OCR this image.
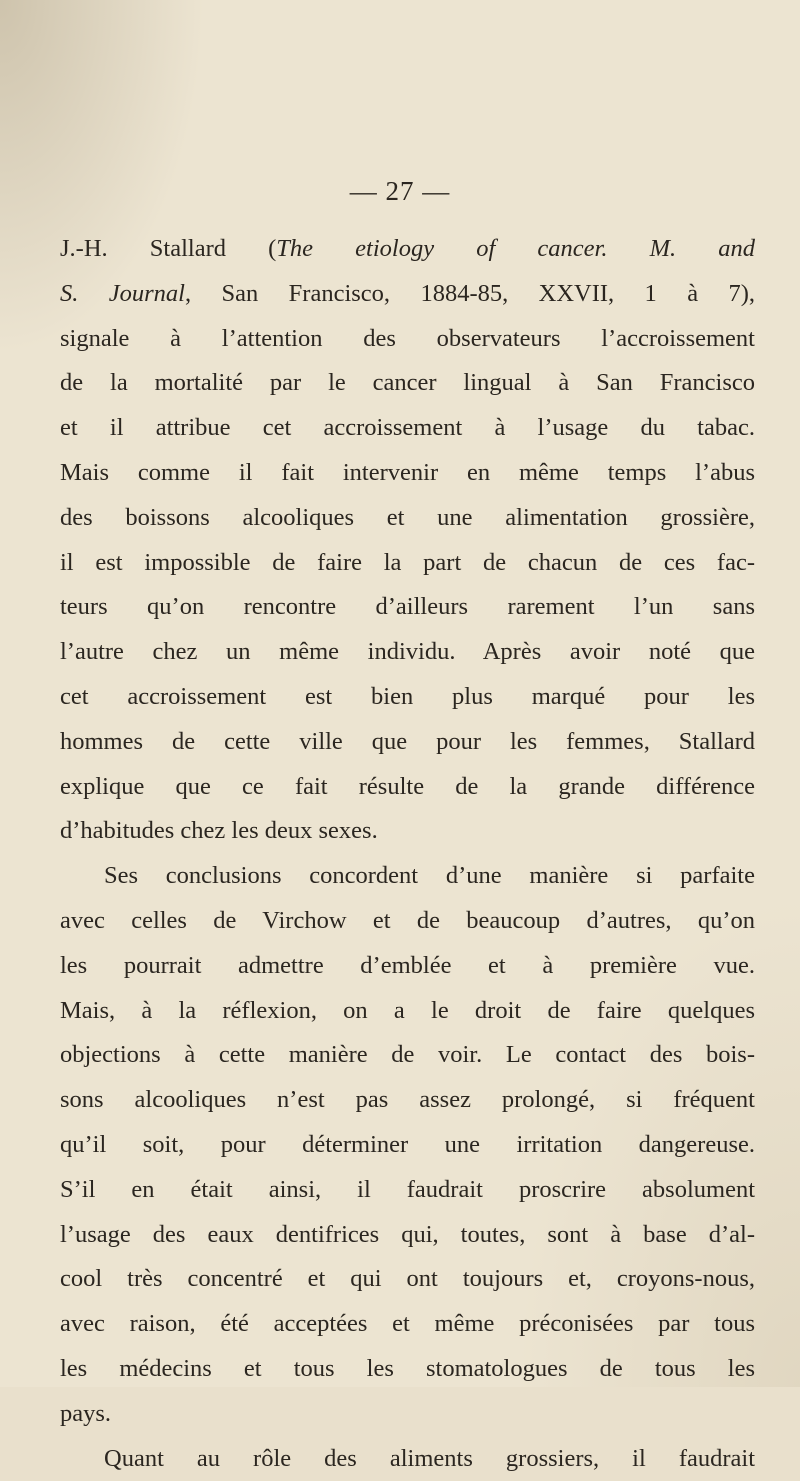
— 27 —
J.-H. Stallard (The etiology of cancer. M. and
S. Journal, San Francisco, 1884-85, XXVII, 1 à 7),
signale à l’attention des observateurs l’accroissement
de la mortalité par le cancer lingual à San Francisco
et il attribue cet accroissement à l’usage du tabac.
Mais comme il fait intervenir en même temps l’abus
des boissons alcooliques et une alimentation grossière,
il est impossible de faire la part de chacun de ces fac-
teurs qu’on rencontre d’ailleurs rarement l’un sans
l’autre chez un même individu. Après avoir noté que
cet accroissement est bien plus marqué pour les
hommes de cette ville que pour les femmes, Stallard
explique que ce fait résulte de la grande différence
d’habitudes chez les deux sexes.
Ses conclusions concordent d’une manière si parfaite
avec celles de Virchow et de beaucoup d’autres, qu’on
les pourrait admettre d’emblée et à première vue.
Mais, à la réflexion, on a le droit de faire quelques
objections à cette manière de voir. Le contact des bois-
sons alcooliques n’est pas assez prolongé, si fréquent
qu’il soit, pour déterminer une irritation dangereuse.
S’il en était ainsi, il faudrait proscrire absolument
l’usage des eaux dentifrices qui, toutes, sont à base d’al-
cool très concentré et qui ont toujours et, croyons-nous,
avec raison, été acceptées et même préconisées par tous
les médecins et tous les stomatologues de tous les
pays.
Quant au rôle des aliments grossiers, il faudrait
